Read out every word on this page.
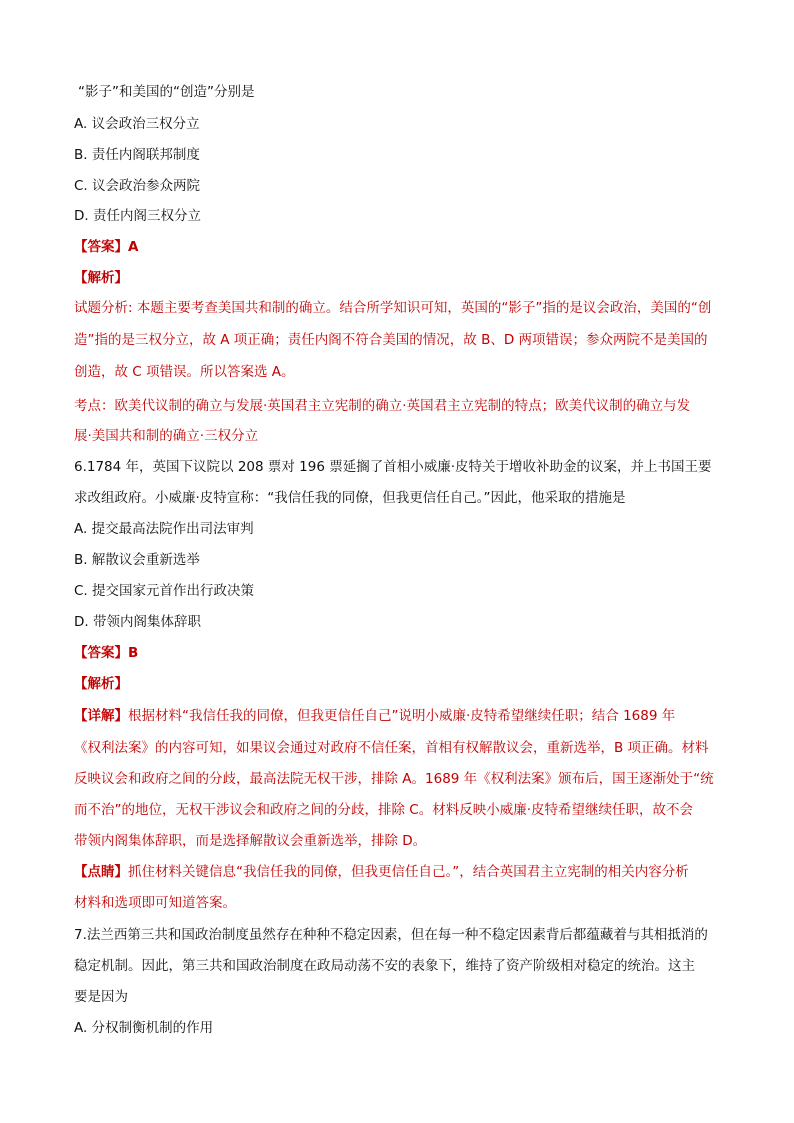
“影子”和美国的“创造”分别是
A. 议会政治三权分立
B. 责任内阁联邦制度
C. 议会政治参众两院
D. 责任内阁三权分立
【答案】A
【解析】
试题分析: 本题主要考查美国共和制的确立。结合所学知识可知，英国的“影子”指的是议会政治，美国的“创
造”指的是三权分立，故 A 项正确；责任内阁不符合美国的情况，故 B、D 两项错误；参众两院不是美国的
创造，故 C 项错误。所以答案选 A。
考点：欧美代议制的确立与发展·英国君主立宪制的确立·英国君主立宪制的特点；欧美代议制的确立与发
展·美国共和制的确立·三权分立
6.1784 年，英国下议院以 208 票对 196 票延搁了首相小威廉·皮特关于增收补助金的议案，并上书国王要
求改组政府。小威廉·皮特宣称：“我信任我的同僚，但我更信任自己。”因此，他采取的措施是
A. 提交最高法院作出司法审判
B. 解散议会重新选举
C. 提交国家元首作出行政决策
D. 带领内阁集体辞职
【答案】B
【解析】
【详解】根据材料“我信任我的同僚，但我更信任自己”说明小威廉·皮特希望继续任职；结合 1689 年
《权利法案》的内容可知，如果议会通过对政府不信任案，首相有权解散议会，重新选举，B 项正确。材料
反映议会和政府之间的分歧，最高法院无权干涉，排除 A。1689 年《权利法案》颁布后，国王逐渐处于“统
而不治”的地位，无权干涉议会和政府之间的分歧，排除 C。材料反映小威廉·皮特希望继续任职，故不会
带领内阁集体辞职，而是选择解散议会重新选举，排除 D。
【点睛】抓住材料关键信息“我信任我的同僚，但我更信任自己。”，结合英国君主立宪制的相关内容分析
材料和选项即可知道答案。
7.法兰西第三共和国政治制度虽然存在种种不稳定因素，但在每一种不稳定因素背后都蕴藏着与其相抵消的
稳定机制。因此，第三共和国政治制度在政局动荡不安的表象下，维持了资产阶级相对稳定的统治。这主
要是因为
A. 分权制衡机制的作用
